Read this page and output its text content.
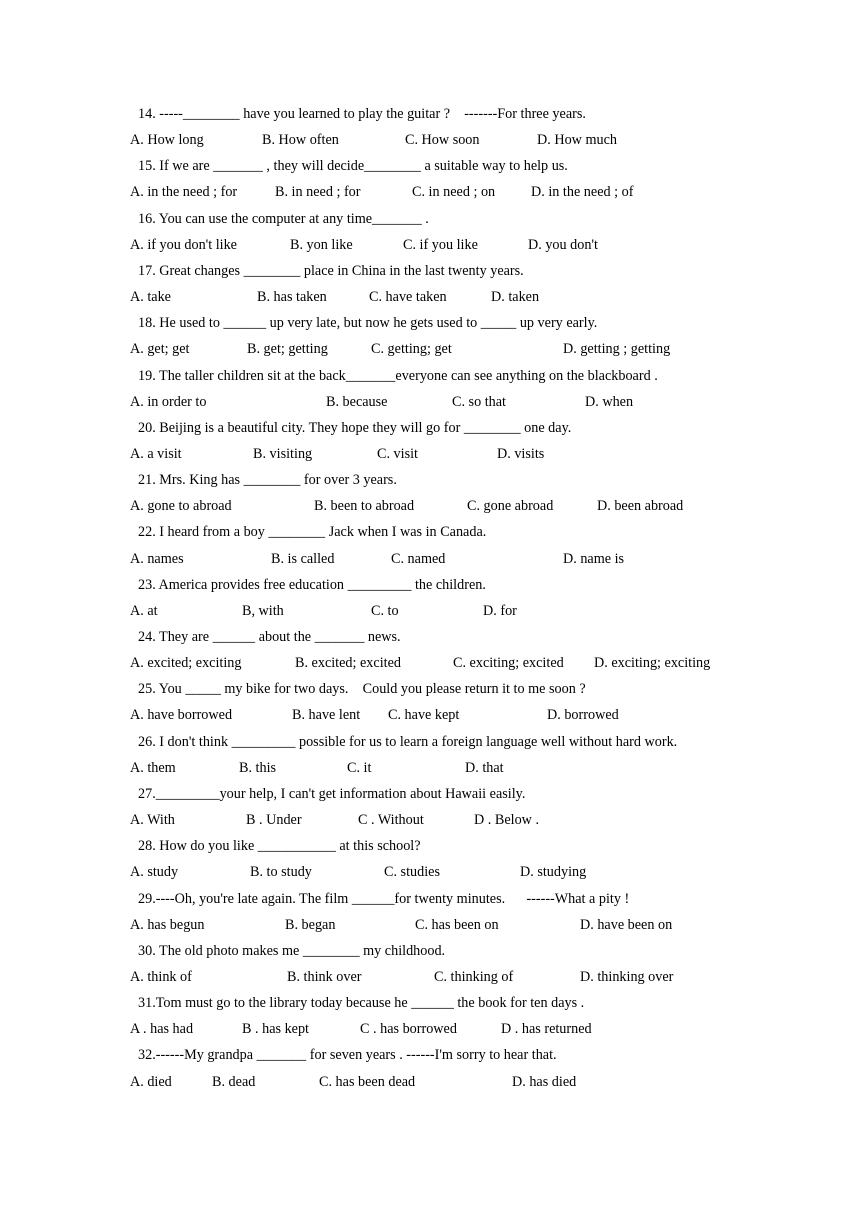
14. -----________ have you learned to play the guitar ?    -------For three years.
A. How long	B. How often	C. How soon	D. How much
15. If we are _______ , they will decide________ a suitable way to help us.
A. in the need ; for	B. in need ; for	C. in need ; on	D. in the need ; of
16. You can use the computer at any time_______ .
A. if you don't like	B. yon like	C. if you like	D. you don't
17. Great changes ________ place in China in the last twenty years.
A. take	B. has taken	C. have taken	D. taken
18. He used to ______ up very late, but now he gets used to _____ up very early.
A. get; get	B. get; getting	C. getting; get	D. getting ; getting
19. The taller children sit at the back_______everyone can see anything on the blackboard .
A. in order to	B. because	C. so that	D. when
20. Beijing is a beautiful city. They hope they will go for ________ one day.
A. a visit	B. visiting	C. visit	D. visits
21. Mrs. King has ________ for over 3 years.
A. gone to abroad	B. been to abroad	C. gone abroad	D. been abroad
22. I heard from a boy ________ Jack when I was in Canada.
A. names	B. is called	C. named	D. name is
23. America provides free education _________ the children.
A. at	B, with	C. to	D. for
24. They are ______ about the _______ news.
A. excited; exciting	B. excited; excited	C. exciting; excited D. exciting; exciting
25. You _____ my bike for two days.    Could you please return it to me soon ?
A. have borrowed	B. have lent C. have kept	D. borrowed
26. I don't think _________ possible for us to learn a foreign language well without hard work.
A. them	B. this	C. it	D. that
27._________your help, I can't get information about Hawaii easily.
A. With	B . Under	C . Without	D . Below .
28. How do you like ___________ at this school?
A. study	B. to study	C. studies	D. studying
29.----Oh, you're late again. The film ______for twenty minutes.      ------What a pity !
A. has begun	B. began	C. has been on	D. have been on
30. The old photo makes me ________ my childhood.
A. think of	B. think over	C. thinking of	D. thinking over
31.Tom must go to the library today because he ______ the book for ten days .
A . has had	B . has kept	C . has borrowed	D . has returned
32.------My grandpa _______ for seven years . ------I'm sorry to hear that.
A. died	B. dead	C. has been dead	D. has died
